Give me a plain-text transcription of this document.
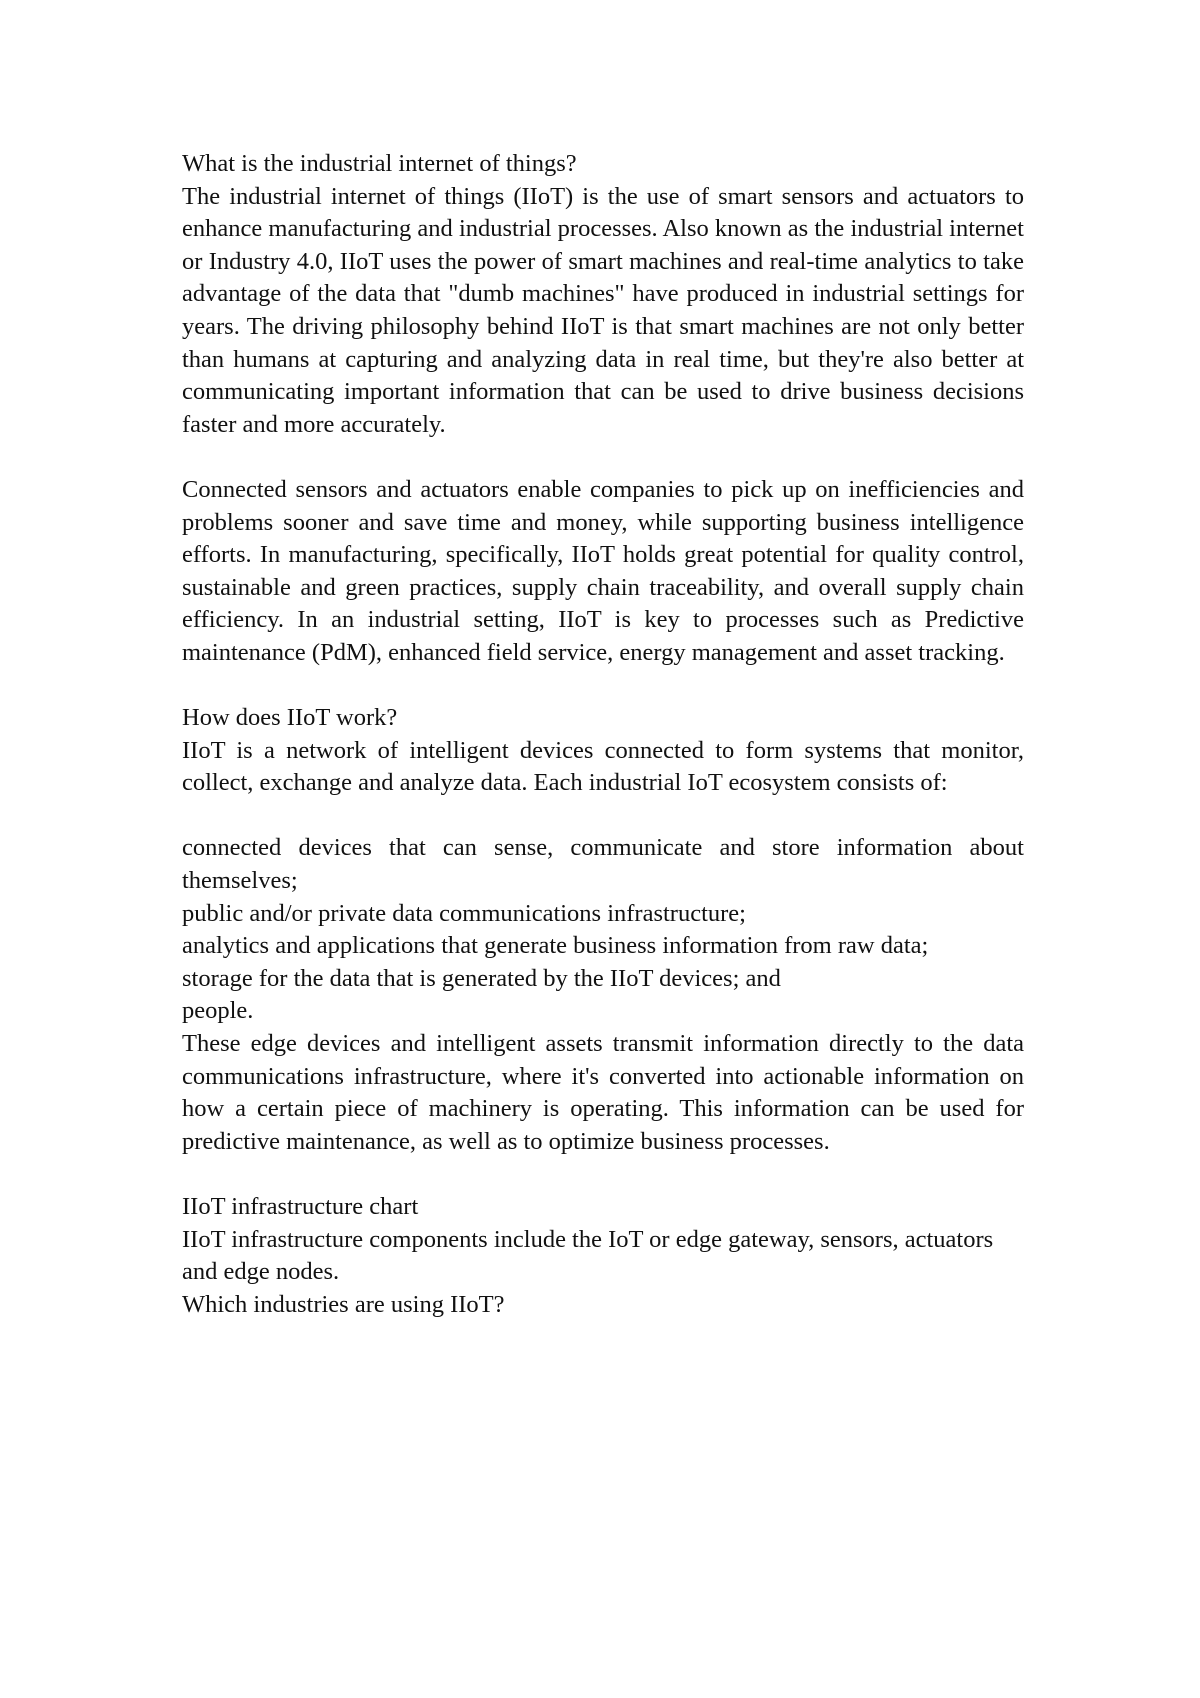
What is the industrial internet of things?

The industrial internet of things (IIoT) is the use of smart sensors and actuators to enhance manufacturing and industrial processes. Also known as the industrial internet or Industry 4.0, IIoT uses the power of smart machines and real-time analytics to take advantage of the data that "dumb machines" have produced in industrial settings for years. The driving philosophy behind IIoT is that smart machines are not only better than humans at capturing and analyzing data in real time, but they're also better at communicating important information that can be used to drive business decisions faster and more accurately.

Connected sensors and actuators enable companies to pick up on inefficiencies and problems sooner and save time and money, while supporting business intelligence efforts. In manufacturing, specifically, IIoT holds great potential for quality control, sustainable and green practices, supply chain traceability, and overall supply chain efficiency. In an industrial setting, IIoT is key to processes such as Predictive maintenance (PdM), enhanced field service, energy management and asset tracking.

How does IIoT work?

IIoT is a network of intelligent devices connected to form systems that monitor, collect, exchange and analyze data. Each industrial IoT ecosystem consists of:

connected devices that can sense, communicate and store information about themselves;

public and/or private data communications infrastructure;

analytics and applications that generate business information from raw data;

storage for the data that is generated by the IIoT devices; and

people.

These edge devices and intelligent assets transmit information directly to the data communications infrastructure, where it's converted into actionable information on how a certain piece of machinery is operating. This information can be used for predictive maintenance, as well as to optimize business processes.

IIoT infrastructure chart

IIoT infrastructure components include the IoT or edge gateway, sensors, actuators and edge nodes.

Which industries are using IIoT?
